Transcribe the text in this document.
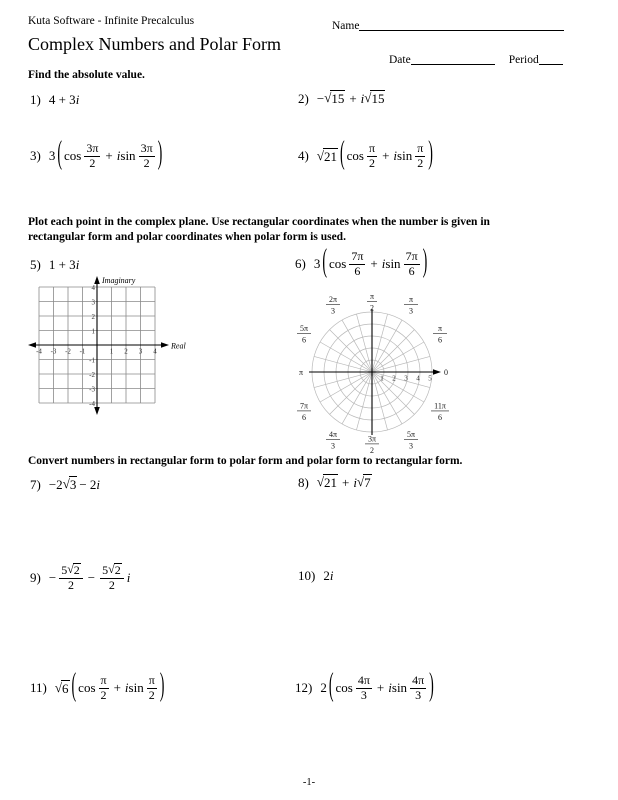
Kuta Software - Infinite Precalculus	Name
Complex Numbers and Polar Form
Date	Period
Find the absolute value.
1) 4 + 3 i	2) − √ 15 + i √ 15
3) 3 ( $\cos \frac{3\pi}{2} + i$ $\sin \frac{3\pi}{2}$ )	4) √ 21 ( $\cos \frac{\pi}{2} + i$ $\sin \frac{\pi}{2}$ )
Plot each point in the complex plane. Use rectangular coordinates when the number is given in
rectangular form and polar coordinates when polar form is used.
5) 1 + 3 i
Imaginary
Real
-4 -3 -2 -1	1 2 3 4
4
3
2
1
-1
-2
-3
-4
6) 3 ( $\cos \frac{7\pi}{6} + i$ $\sin \frac{7\pi}{6}$ )
1 2 3 4 5
0
π
π
2
2π
3
π
3
5π
6
π
6
7π
6
11π
6
4π
3
5π
3
3π
2
Convert numbers in rectangular form to polar form and polar form to rectangular form.
7) −2 √ 3 − 2 i	8) √ 21 + i √ 7
$9) - \frac{5 √ 2}{2} - \frac{5 √ 2}{2}$ i	10) 2 i
11) √ 6 ( $\cos \frac{\pi}{2} + i$ $\sin \frac{\pi}{2}$ )	12) 2 ( $\cos \frac{4\pi}{3} + i$ $\sin \frac{4\pi}{3}$ )
-1-
